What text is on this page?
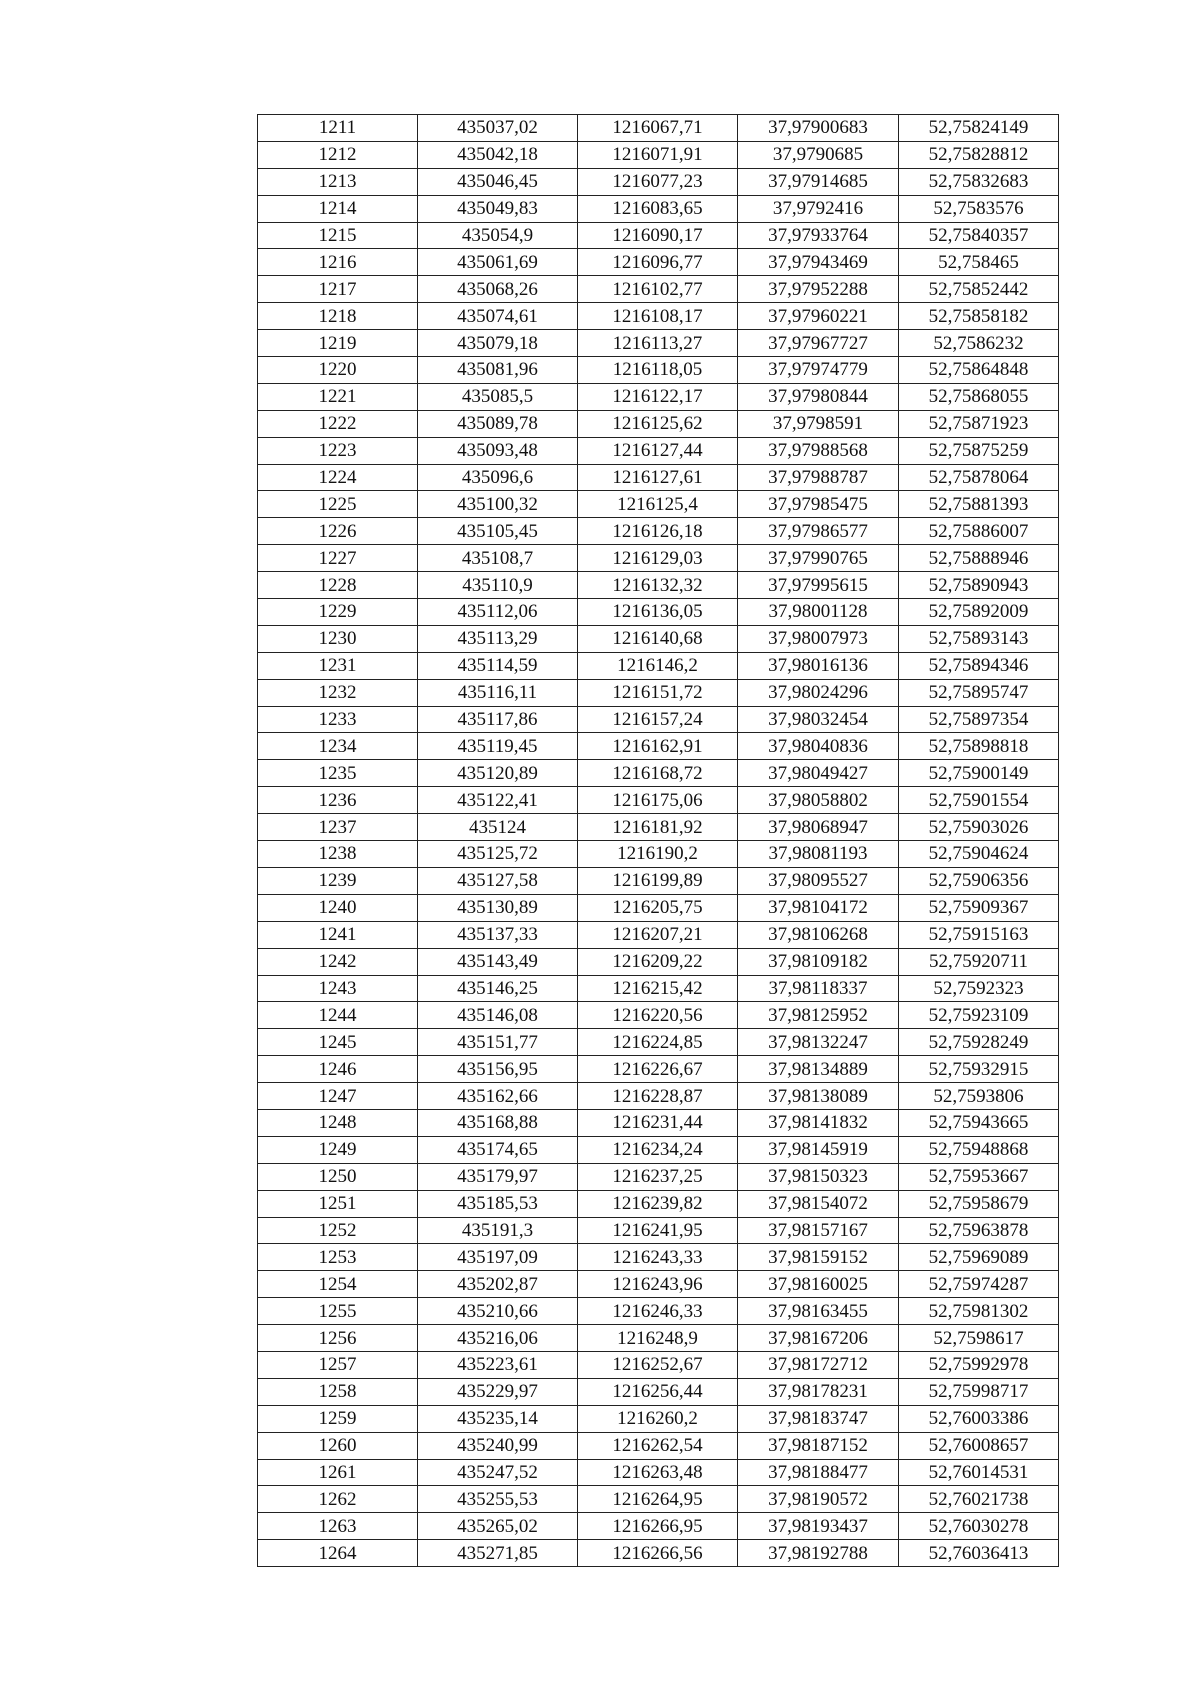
1211	435037,02	1216067,71	37,97900683	52,75824149
1212	435042,18	1216071,91	37,9790685	52,75828812
1213	435046,45	1216077,23	37,97914685	52,75832683
1214	435049,83	1216083,65	37,9792416	52,7583576
1215	435054,9	1216090,17	37,97933764	52,75840357
1216	435061,69	1216096,77	37,97943469	52,758465
1217	435068,26	1216102,77	37,97952288	52,75852442
1218	435074,61	1216108,17	37,97960221	52,75858182
1219	435079,18	1216113,27	37,97967727	52,7586232
1220	435081,96	1216118,05	37,97974779	52,75864848
1221	435085,5	1216122,17	37,97980844	52,75868055
1222	435089,78	1216125,62	37,9798591	52,75871923
1223	435093,48	1216127,44	37,97988568	52,75875259
1224	435096,6	1216127,61	37,97988787	52,75878064
1225	435100,32	1216125,4	37,97985475	52,75881393
1226	435105,45	1216126,18	37,97986577	52,75886007
1227	435108,7	1216129,03	37,97990765	52,75888946
1228	435110,9	1216132,32	37,97995615	52,75890943
1229	435112,06	1216136,05	37,98001128	52,75892009
1230	435113,29	1216140,68	37,98007973	52,75893143
1231	435114,59	1216146,2	37,98016136	52,75894346
1232	435116,11	1216151,72	37,98024296	52,75895747
1233	435117,86	1216157,24	37,98032454	52,75897354
1234	435119,45	1216162,91	37,98040836	52,75898818
1235	435120,89	1216168,72	37,98049427	52,75900149
1236	435122,41	1216175,06	37,98058802	52,75901554
1237	435124	1216181,92	37,98068947	52,75903026
1238	435125,72	1216190,2	37,98081193	52,75904624
1239	435127,58	1216199,89	37,98095527	52,75906356
1240	435130,89	1216205,75	37,98104172	52,75909367
1241	435137,33	1216207,21	37,98106268	52,75915163
1242	435143,49	1216209,22	37,98109182	52,75920711
1243	435146,25	1216215,42	37,98118337	52,7592323
1244	435146,08	1216220,56	37,98125952	52,75923109
1245	435151,77	1216224,85	37,98132247	52,75928249
1246	435156,95	1216226,67	37,98134889	52,75932915
1247	435162,66	1216228,87	37,98138089	52,7593806
1248	435168,88	1216231,44	37,98141832	52,75943665
1249	435174,65	1216234,24	37,98145919	52,75948868
1250	435179,97	1216237,25	37,98150323	52,75953667
1251	435185,53	1216239,82	37,98154072	52,75958679
1252	435191,3	1216241,95	37,98157167	52,75963878
1253	435197,09	1216243,33	37,98159152	52,75969089
1254	435202,87	1216243,96	37,98160025	52,75974287
1255	435210,66	1216246,33	37,98163455	52,75981302
1256	435216,06	1216248,9	37,98167206	52,7598617
1257	435223,61	1216252,67	37,98172712	52,75992978
1258	435229,97	1216256,44	37,98178231	52,75998717
1259	435235,14	1216260,2	37,98183747	52,76003386
1260	435240,99	1216262,54	37,98187152	52,76008657
1261	435247,52	1216263,48	37,98188477	52,76014531
1262	435255,53	1216264,95	37,98190572	52,76021738
1263	435265,02	1216266,95	37,98193437	52,76030278
1264	435271,85	1216266,56	37,98192788	52,76036413
